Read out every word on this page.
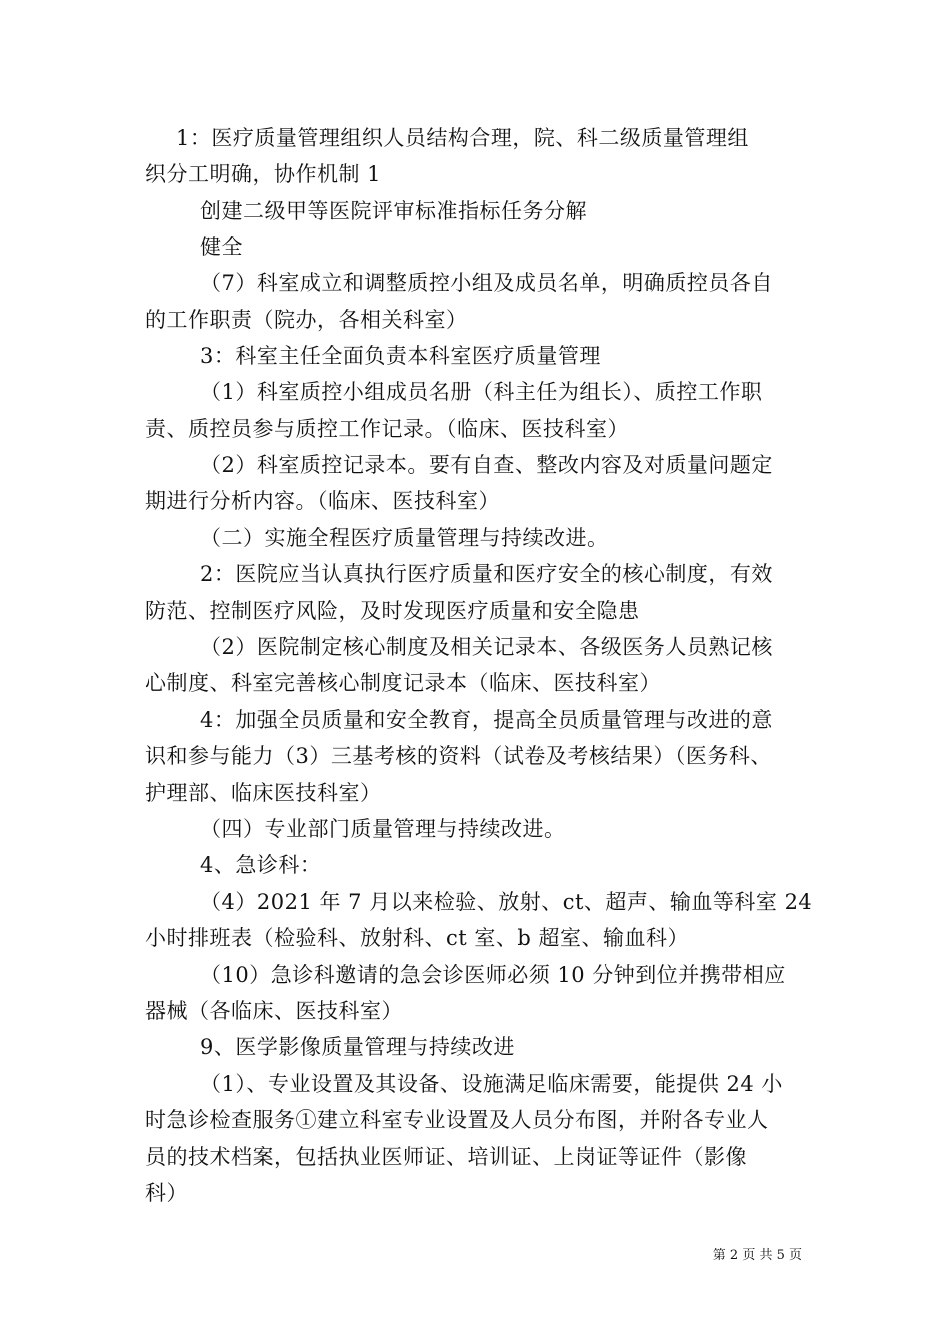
1：医疗质量管理组织人员结构合理，院、科二级质量管理组
织分工明确，协作机制 1
创建二级甲等医院评审标准指标任务分解
健全
（7）科室成立和调整质控小组及成员名单，明确质控员各自
的工作职责（院办，各相关科室）
3：科室主任全面负责本科室医疗质量管理
（1）科室质控小组成员名册（科主任为组长）、质控工作职
责、质控员参与质控工作记录。（临床、医技科室）
（2）科室质控记录本。要有自查、整改内容及对质量问题定
期进行分析内容。（临床、医技科室）
（二）实施全程医疗质量管理与持续改进。
2：医院应当认真执行医疗质量和医疗安全的核心制度，有效
防范、控制医疗风险，及时发现医疗质量和安全隐患
（2）医院制定核心制度及相关记录本、各级医务人员熟记核
心制度、科室完善核心制度记录本（临床、医技科室）
4：加强全员质量和安全教育，提高全员质量管理与改进的意
识和参与能力（3）三基考核的资料（试卷及考核结果）（医务科、
护理部、临床医技科室）
（四）专业部门质量管理与持续改进。
4、急诊科：
（4）2021 年 7 月以来检验、放射、ct、超声、输血等科室 24
小时排班表（检验科、放射科、ct 室、b 超室、输血科）
（10）急诊科邀请的急会诊医师必须 10 分钟到位并携带相应
器械（各临床、医技科室）
9、医学影像质量管理与持续改进
（1）、专业设置及其设备、设施满足临床需要，能提供 24 小
时急诊检查服务①建立科室专业设置及人员分布图，并附各专业人
员的技术档案，包括执业医师证、培训证、上岗证等证件（影像
科）
第 2 页 共 5 页
